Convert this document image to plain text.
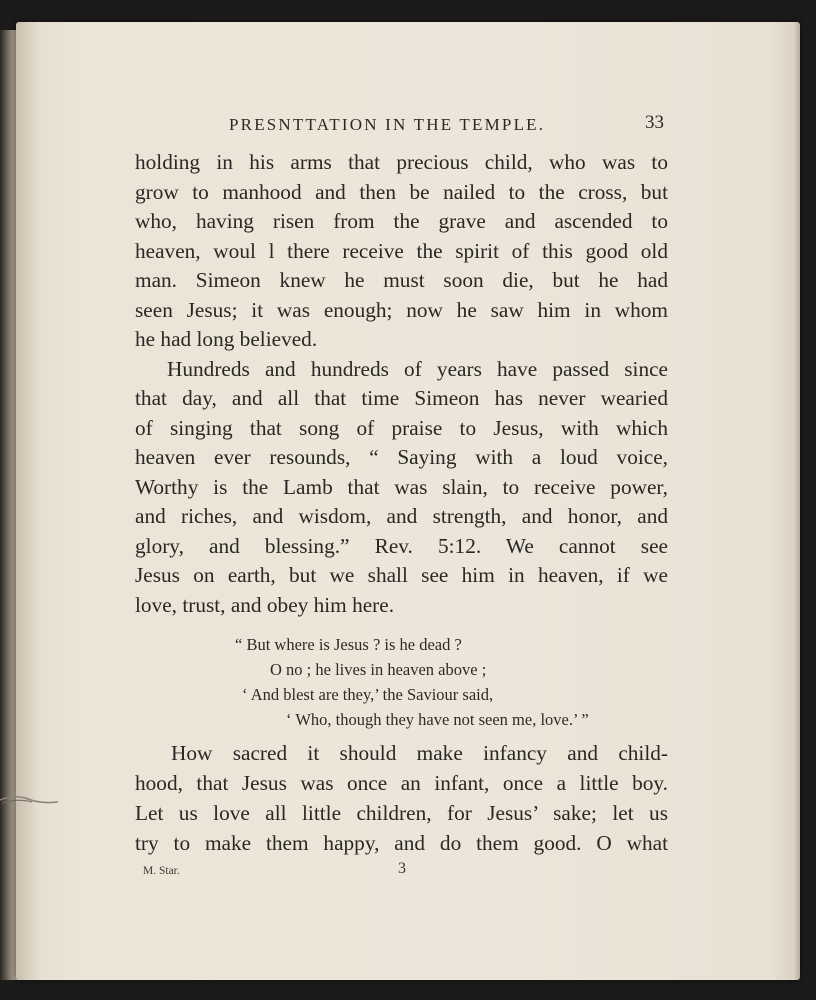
PRESNTTATION IN THE TEMPLE.	33
holding in his arms that precious child, who was to
grow to manhood and then be nailed to the cross, but
who, having risen from the grave and ascended to
heaven, woul l there receive the spirit of this good old
man. Simeon knew he must soon die, but he had
seen Jesus; it was enough; now he saw him in whom
he had long believed.
Hundreds and hundreds of years have passed since
that day, and all that time Simeon has never wearied
of singing that song of praise to Jesus, with which
heaven ever resounds, “ Saying with a loud voice,
Worthy is the Lamb that was slain, to receive power,
and riches, and wisdom, and strength, and honor, and
glory, and blessing.” Rev. 5:12. We cannot see
Jesus on earth, but we shall see him in heaven, if we
love, trust, and obey him here.
“ But where is Jesus ? is he dead ?
O no ; he lives in heaven above ;
‘ And blest are they,’ the Saviour said,
‘ Who, though they have not seen me, love.’ ”
How sacred it should make infancy and child-
hood, that Jesus was once an infant, once a little boy.
Let us love all little children, for Jesus’ sake; let us
try to make them happy, and do them good. O what
M. Star.	3
